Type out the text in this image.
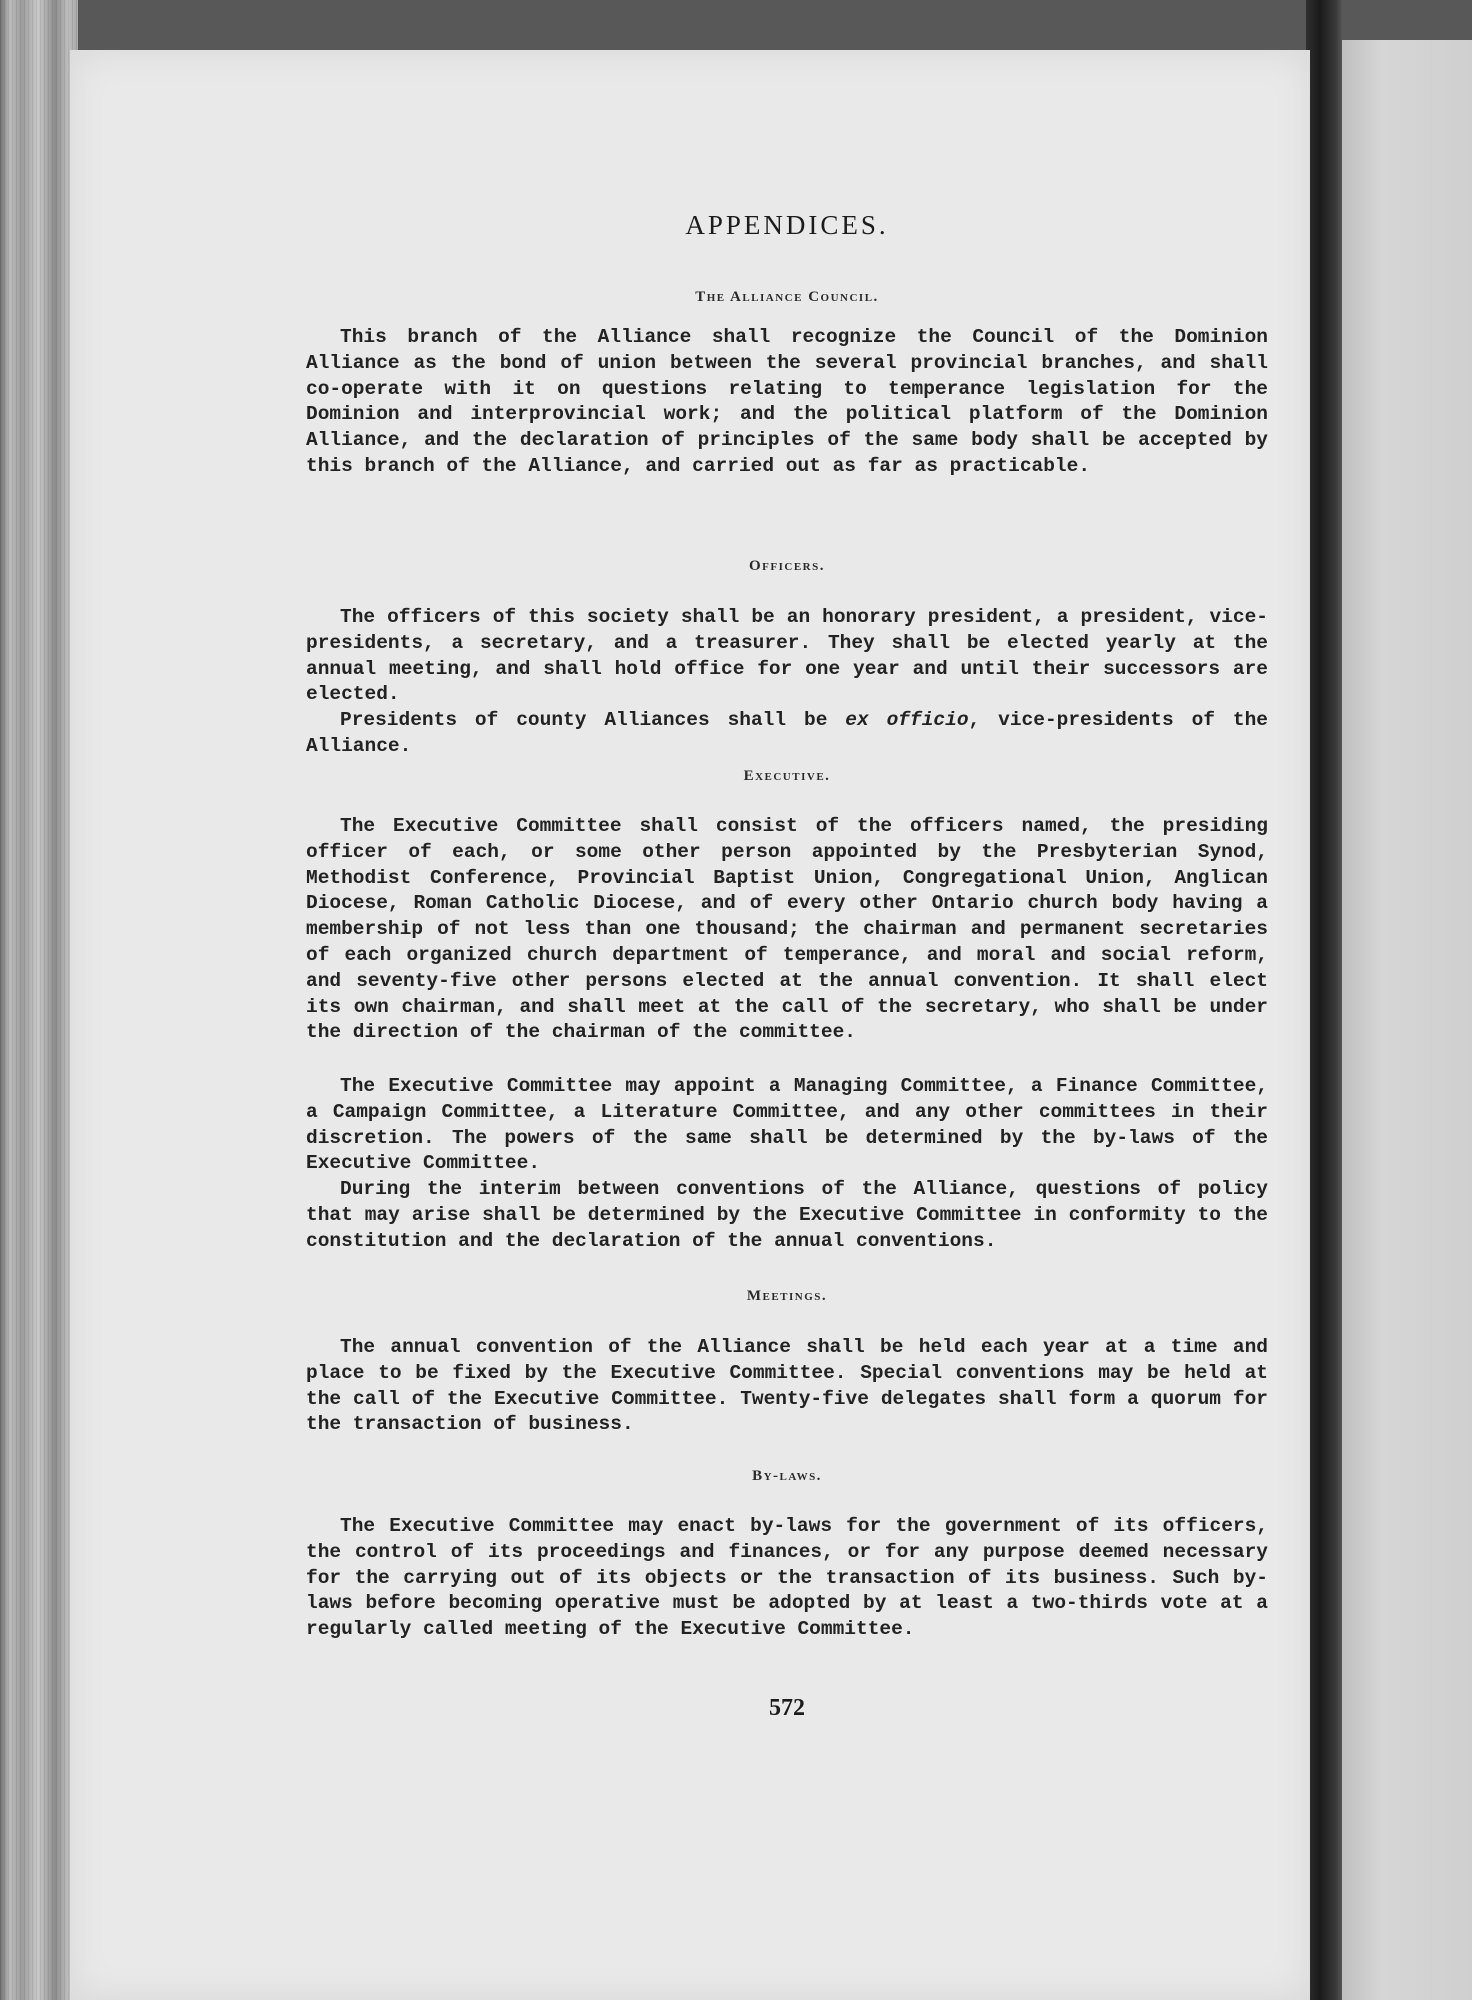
APPENDICES.
The Alliance Council.

This branch of the Alliance shall recognize the Council of the Dominion Alliance as the bond of union between the several provincial branches, and shall co-operate with it on questions relating to temperance legislation for the Dominion and interprovincial work; and the political platform of the Dominion Alliance, and the declaration of principles of the same body shall be accepted by this branch of the Alliance, and carried out as far as practicable.

Officers.

The officers of this society shall be an honorary president, a president, vice-presidents, a secretary, and a treasurer. They shall be elected yearly at the annual meeting, and shall hold office for one year and until their successors are elected.

Presidents of county Alliances shall be ex officio, vice-presidents of the Alliance.

Executive.

The Executive Committee shall consist of the officers named, the presiding officer of each, or some other person appointed by the Presbyterian Synod, Methodist Conference, Provincial Baptist Union, Congregational Union, Anglican Diocese, Roman Catholic Diocese, and of every other Ontario church body having a membership of not less than one thousand; the chairman and permanent secretaries of each organized church department of temperance, and moral and social reform, and seventy-five other persons elected at the annual convention. It shall elect its own chairman, and shall meet at the call of the secretary, who shall be under the direction of the chairman of the committee.

The Executive Committee may appoint a Managing Committee, a Finance Committee, a Campaign Committee, a Literature Committee, and any other committees in their discretion. The powers of the same shall be determined by the by-laws of the Executive Committee.

During the interim between conventions of the Alliance, questions of policy that may arise shall be determined by the Executive Committee in conformity to the constitution and the declaration of the annual conventions.

Meetings.

The annual convention of the Alliance shall be held each year at a time and place to be fixed by the Executive Committee. Special conventions may be held at the call of the Executive Committee. Twenty-five delegates shall form a quorum for the transaction of business.

By-laws.

The Executive Committee may enact by-laws for the government of its officers, the control of its proceedings and finances, or for any purpose deemed necessary for the carrying out of its objects or the transaction of its business. Such by-laws before becoming operative must be adopted by at least a two-thirds vote at a regularly called meeting of the Executive Committee.

572
